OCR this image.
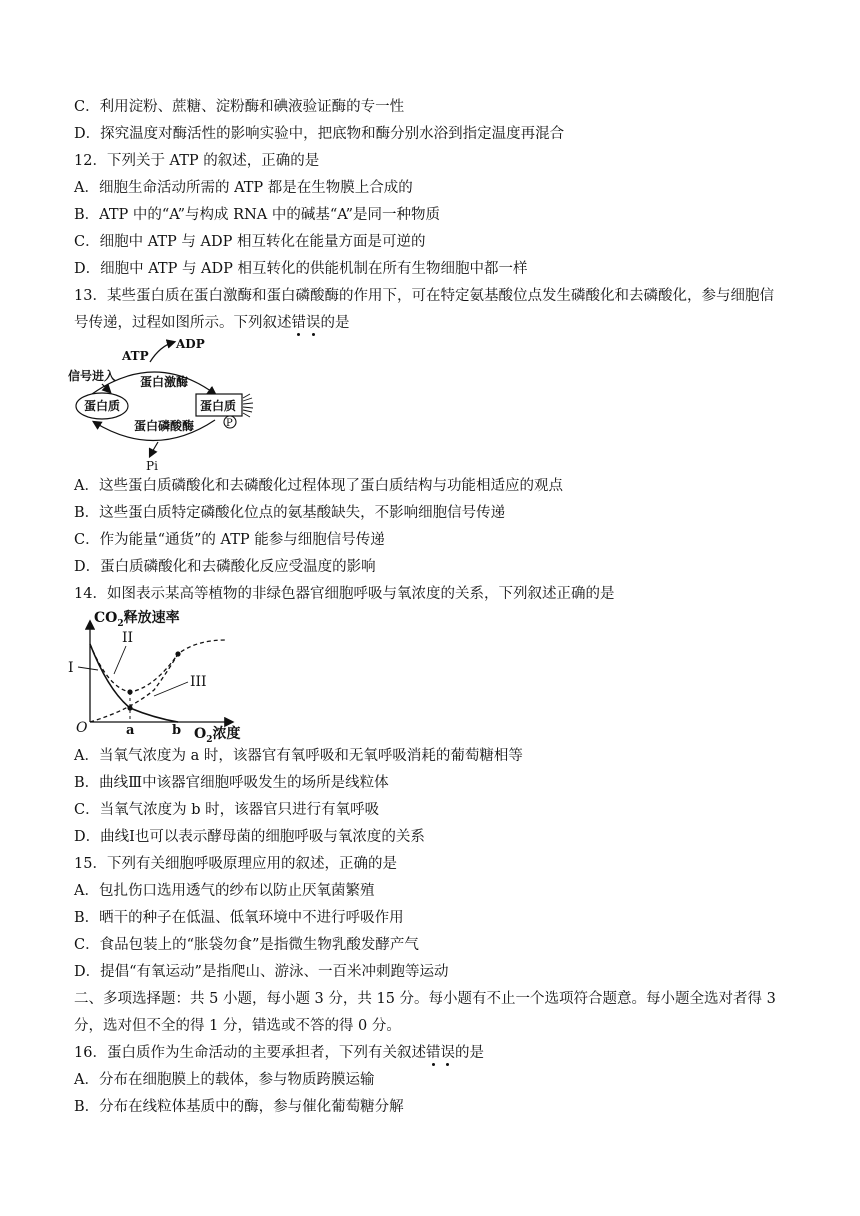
C．利用淀粉、蔗糖、淀粉酶和碘液验证酶的专一性
D．探究温度对酶活性的影响实验中，把底物和酶分别水浴到指定温度再混合
12．下列关于 ATP 的叙述，正确的是
A．细胞生命活动所需的 ATP 都是在生物膜上合成的
B．ATP 中的“A”与构成 RNA 中的碱基“A”是同一种物质
C．细胞中 ATP 与 ADP 相互转化在能量方面是可逆的
D．细胞中 ATP 与 ADP 相互转化的供能机制在所有生物细胞中都一样
13．某些蛋白质在蛋白激酶和蛋白磷酸酶的作用下，可在特定氨基酸位点发生磷酸化和去磷酸化，参与细胞信
号传递，过程如图所示。下列叙述错误的是
ATP
ADP
信号进入 蛋白激酶
蛋白质	蛋白质
P
蛋白磷酸酶
Pi
A．这些蛋白质磷酸化和去磷酸化过程体现了蛋白质结构与功能相适应的观点
B．这些蛋白质特定磷酸化位点的氨基酸缺失，不影响细胞信号传递
C．作为能量“通货”的 ATP 能参与细胞信号传递
D．蛋白质磷酸化和去磷酸化反应受温度的影响
14．如图表示某高等植物的非绿色器官细胞呼吸与氧浓度的关系，下列叙述正确的是
$CO_2$释放速率
O	a	b $O_2$浓度
I
II
III
A．当氧气浓度为 a 时，该器官有氧呼吸和无氧呼吸消耗的葡萄糖相等
B．曲线Ⅲ中该器官细胞呼吸发生的场所是线粒体
C．当氧气浓度为 b 时，该器官只进行有氧呼吸
D．曲线Ⅰ也可以表示酵母菌的细胞呼吸与氧浓度的关系
15．下列有关细胞呼吸原理应用的叙述，正确的是
A．包扎伤口选用透气的纱布以防止厌氧菌繁殖
B．晒干的种子在低温、低氧环境中不进行呼吸作用
C．食品包装上的“胀袋勿食”是指微生物乳酸发酵产气
D．提倡“有氧运动”是指爬山、游泳、一百米冲刺跑等运动
二、多项选择题：共 5 小题，每小题 3 分，共 15 分。每小题有不止一个选项符合题意。每小题全选对者得 3
分，选对但不全的得 1 分，错选或不答的得 0 分。
16．蛋白质作为生命活动的主要承担者，下列有关叙述错误的是
A．分布在细胞膜上的载体，参与物质跨膜运输
B．分布在线粒体基质中的酶，参与催化葡萄糖分解
